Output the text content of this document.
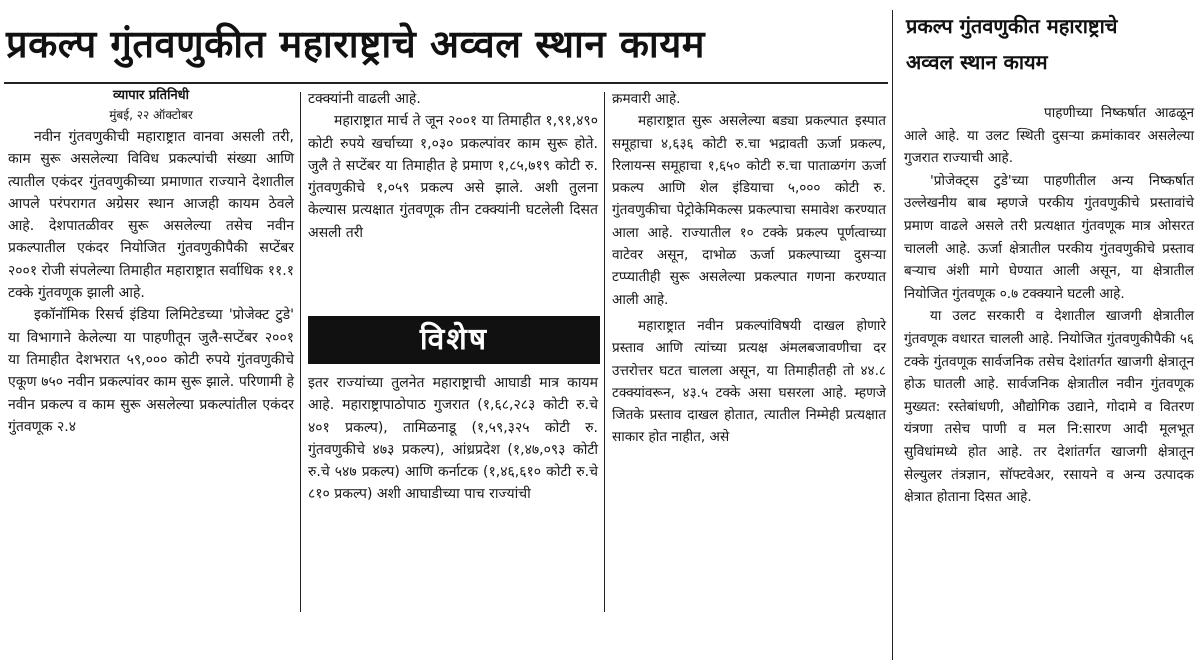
प्रकल्प गुंतवणुकीत महाराष्ट्राचे अव्वल स्थान कायम	प्रकल्प गुंतवणुकीत महाराष्ट्राचे
अव्वल स्थान कायम
व्यापार प्रतिनिधी
मुंबई, २२ ऑक्टोबर

नवीन गुंतवणुकीची महाराष्ट्रात वानवा असली तरी, काम सुरू असलेल्या विविध प्रकल्पांची संख्या आणि त्यातील एकंदर गुंतवणुकीच्या प्रमाणात राज्याने देशातील आपले परंपरागत अग्रेसर स्थान आजही कायम ठेवले आहे. देशपातळीवर सुरू असलेल्या तसेच नवीन प्रकल्पातील एकंदर नियोजित गुंतवणुकीपैकी सप्टेंबर २००१ रोजी संपलेल्या तिमाहीत महाराष्ट्रात सर्वाधिक ११.१ टक्के गुंतवणूक झाली आहे.

इकॉनॉमिक रिसर्च इंडिया लिमिटेडच्या 'प्रोजेक्ट टुडे' या विभागाने केलेल्या या पाहणीतून जुलै-सप्टेंबर २००१ या तिमाहीत देशभरात ५९,००० कोटी रुपये गुंतवणुकीचे एकूण ७५० नवीन प्रकल्पांवर काम सुरू झाले. परिणामी हे नवीन प्रकल्प व काम सुरू असलेल्या प्रकल्पांतील एकंदर गुंतवणूक २.४

टक्क्यांनी वाढली आहे.

महाराष्ट्रात मार्च ते जून २००१ या तिमाहीत १,९१,४९० कोटी रुपये खर्चाच्या १,०३० प्रकल्पांवर काम सुरू होते. जुलै ते सप्टेंबर या तिमाहीत हे प्रमाण १,८५,७१९ कोटी रु. गुंतवणुकीचे १,०५९ प्रकल्प असे झाले. अशी तुलना केल्यास प्रत्यक्षात गुंतवणूक तीन टक्क्यांनी घटलेली दिसत असली तरी

विशेष

इतर राज्यांच्या तुलनेत महाराष्ट्राची आघाडी मात्र कायम आहे. महाराष्ट्रापाठोपाठ गुजरात (१,६८,२८३ कोटी रु.चे ४०१ प्रकल्प), तामिळनाडू (१,५९,३२५ कोटी रु. गुंतवणुकीचे ४७३ प्रकल्प), आंध्रप्रदेश (१,४७,०९३ कोटी रु.चे ५४७ प्रकल्प) आणि कर्नाटक (१,४६,६१० कोटी रु.चे ८१० प्रकल्प) अशी आघाडीच्या पाच राज्यांची

क्रमवारी आहे.

महाराष्ट्रात सुरू असलेल्या बड्या प्रकल्पात इस्पात समूहाचा ४,६३६ कोटी रु.चा भद्रावती ऊर्जा प्रकल्प, रिलायन्स समूहाचा १,६५० कोटी रु.चा पाताळगंग ऊर्जा प्रकल्प आणि शेल इंडियाचा ५,००० कोटी रु. गुंतवणुकीचा पेट्रोकेमिकल्स प्रकल्पाचा समावेश करण्यात आला आहे. राज्यातील १० टक्के प्रकल्प पूर्णत्वाच्या वाटेवर असून, दाभोळ ऊर्जा प्रकल्पाच्या दुसऱ्या टप्प्यातीही सुरू असलेल्या प्रकल्पात गणना करण्यात आली आहे.

महाराष्ट्रात नवीन प्रकल्पांविषयी दाखल होणारे प्रस्ताव आणि त्यांच्या प्रत्यक्ष अंमलबजावणीचा दर उत्तरोत्तर घटत चालला असून, या तिमाहीतही तो ४४.८ टक्क्यांवरून, ४३.५ टक्के असा घसरला आहे. म्हणजे जितके प्रस्ताव दाखल होतात, त्यातील निम्मेही प्रत्यक्षात साकार होत नाहीत, असे

पाहणीच्या निष्कर्षात आढळून आले आहे. या उलट स्थिती दुसऱ्या क्रमांकावर असलेल्या गुजरात राज्याची आहे.

'प्रोजेक्ट्स टुडे'च्या पाहणीतील अन्य निष्कर्षात उल्लेखनीय बाब म्हणजे परकीय गुंतवणुकीचे प्रस्तावांचे प्रमाण वाढले असले तरी प्रत्यक्षात गुंतवणूक मात्र ओसरत चालली आहे. ऊर्जा क्षेत्रातील परकीय गुंतवणुकीचे प्रस्ताव बऱ्याच अंशी मागे घेण्यात आली असून, या क्षेत्रातील नियोजित गुंतवणूक ०.७ टक्क्याने घटली आहे.

या उलट सरकारी व देशातील खाजगी क्षेत्रातील गुंतवणूक वधारत चालली आहे. नियोजित गुंतवणुकीपैकी ५६ टक्के गुंतवणूक सार्वजनिक तसेच देशांतर्गत खाजगी क्षेत्रातून होऊ घातली आहे. सार्वजनिक क्षेत्रातील नवीन गुंतवणूक मुख्यत: रस्तेबांधणी, औद्योगिक उद्याने, गोदामे व वितरण यंत्रणा तसेच पाणी व मल नि:सारण आदी मूलभूत सुविधांमध्ये होत आहे. तर देशांतर्गत खाजगी क्षेत्रातून सेल्युलर तंत्रज्ञान, सॉफ्टवेअर, रसायने व अन्य उत्पादक क्षेत्रात होताना दिसत आहे.
